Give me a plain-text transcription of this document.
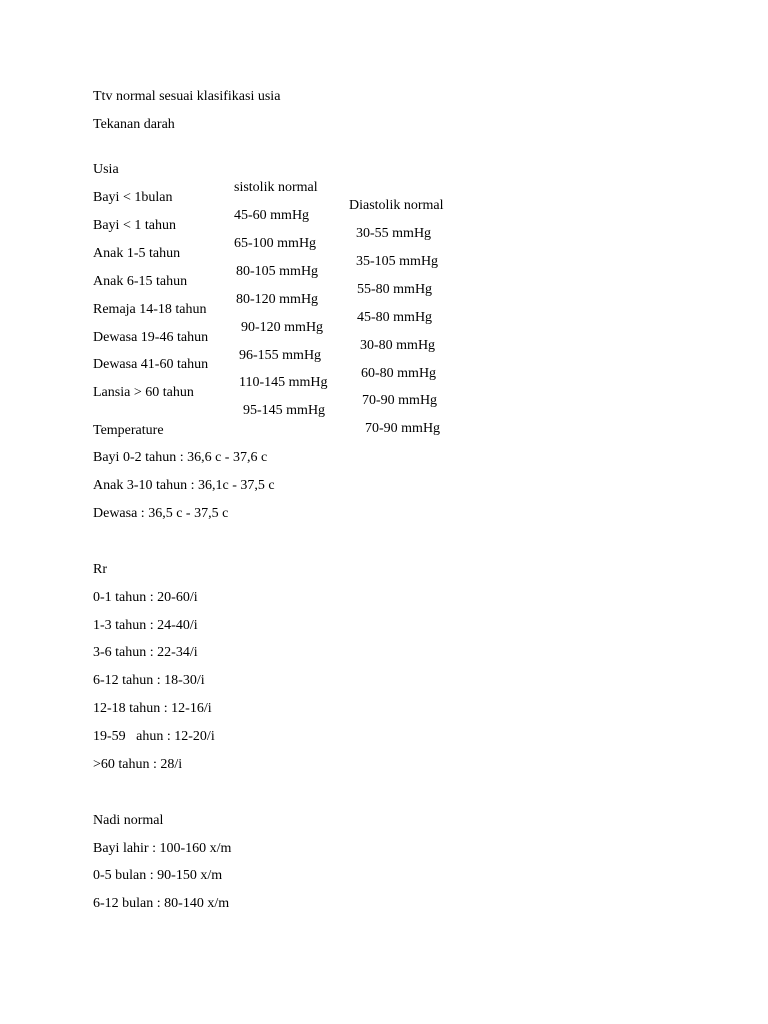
Ttv normal sesuai klasifikasi usia
Tekanan darah

Usia

sistolik normal

Diastolik normal

Bayi < 1bulan

45-60 mmHg

30-55 mmHg

Bayi < 1 tahun

65-100 mmHg

35-105 mmHg

Anak 1-5 tahun

80-105 mmHg

55-80 mmHg

Anak 6-15 tahun

80-120 mmHg

45-80 mmHg

Remaja 14-18 tahun

90-120 mmHg

30-80 mmHg

Dewasa 19-46 tahun

96-155 mmHg

60-80 mmHg

Dewasa 41-60 tahun

110-145 mmHg

70-90 mmHg

Lansia > 60 tahun

95-145 mmHg

70-90 mmHg

Temperature
Bayi 0-2 tahun : 36,6 c - 37,6 c
Anak 3-10 tahun : 36,1c - 37,5 c
Dewasa : 36,5 c - 37,5 c
Rr
0-1 tahun : 20-60/i
1-3 tahun : 24-40/i
3-6 tahun : 22-34/i
6-12 tahun : 18-30/i
12-18 tahun : 12-16/i
19-59   ahun : 12-20/i
>60 tahun : 28/i
Nadi normal
Bayi lahir : 100-160 x/m
0-5 bulan : 90-150 x/m
6-12 bulan : 80-140 x/m
